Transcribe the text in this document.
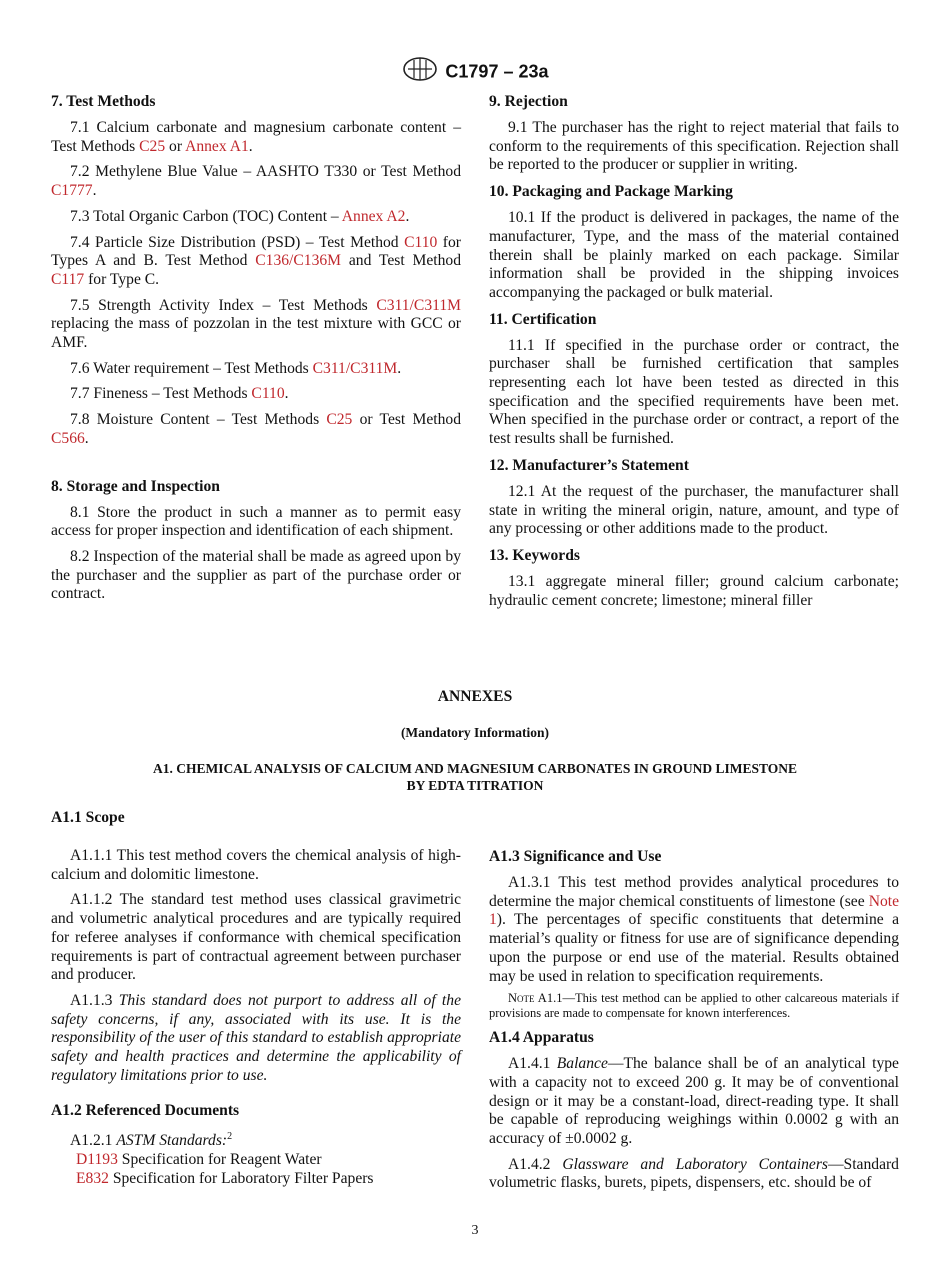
C1797 – 23a
7. Test Methods

7.1 Calcium carbonate and magnesium carbonate content – Test Methods C25 or Annex A1.

7.2 Methylene Blue Value – AASHTO T330 or Test Method C1777.

7.3 Total Organic Carbon (TOC) Content – Annex A2.

7.4 Particle Size Distribution (PSD) – Test Method C110 for Types A and B. Test Method C136/C136M and Test Method C117 for Type C.

7.5 Strength Activity Index – Test Methods C311/C311M replacing the mass of pozzolan in the test mixture with GCC or AMF.

7.6 Water requirement – Test Methods C311/C311M.

7.7 Fineness – Test Methods C110.

7.8 Moisture Content – Test Methods C25 or Test Method C566.

8. Storage and Inspection

8.1 Store the product in such a manner as to permit easy access for proper inspection and identification of each shipment.

8.2 Inspection of the material shall be made as agreed upon by the purchaser and the supplier as part of the purchase order or contract.

9. Rejection

9.1 The purchaser has the right to reject material that fails to conform to the requirements of this specification. Rejection shall be reported to the producer or supplier in writing.

10. Packaging and Package Marking

10.1 If the product is delivered in packages, the name of the manufacturer, Type, and the mass of the material contained therein shall be plainly marked on each package. Similar information shall be provided in the shipping invoices accompanying the packaged or bulk material.

11. Certification

11.1 If specified in the purchase order or contract, the purchaser shall be furnished certification that samples representing each lot have been tested as directed in this specification and the specified requirements have been met. When specified in the purchase order or contract, a report of the test results shall be furnished.

12. Manufacturer’s Statement

12.1 At the request of the purchaser, the manufacturer shall state in writing the mineral origin, nature, amount, and type of any processing or other additions made to the product.

13. Keywords

13.1 aggregate mineral filler; ground calcium carbonate; hydraulic cement concrete; limestone; mineral filler

ANNEXES
(Mandatory Information)
A1. CHEMICAL ANALYSIS OF CALCIUM AND MAGNESIUM CARBONATES IN GROUND LIMESTONE
BY EDTA TITRATION
A1.1 Scope

A1.1.1 This test method covers the chemical analysis of high-calcium and dolomitic limestone.

A1.1.2 The standard test method uses classical gravimetric and volumetric analytical procedures and are typically required for referee analyses if conformance with chemical specification requirements is part of contractual agreement between purchaser and producer.

A1.1.3 This standard does not purport to address all of the safety concerns, if any, associated with its use. It is the responsibility of the user of this standard to establish appropriate safety and health practices and determine the applicability of regulatory limitations prior to use.

A1.2 Referenced Documents

A1.2.1 ASTM Standards:$^2$

D1193 Specification for Reagent Water

E832 Specification for Laboratory Filter Papers

A1.3 Significance and Use

A1.3.1 This test method provides analytical procedures to determine the major chemical constituents of limestone (see Note 1). The percentages of specific constituents that determine a material’s quality or fitness for use are of significance depending upon the purpose or end use of the material. Results obtained may be used in relation to specification requirements.

Note A1.1—This test method can be applied to other calcareous materials if provisions are made to compensate for known interferences.
A1.4 Apparatus

A1.4.1 Balance—The balance shall be of an analytical type with a capacity not to exceed 200 g. It may be of conventional design or it may be a constant-load, direct-reading type. It shall be capable of reproducing weighings within 0.0002 g with an accuracy of ±0.0002 g.

A1.4.2 Glassware and Laboratory Containers—Standard volumetric flasks, burets, pipets, dispensers, etc. should be of

3
